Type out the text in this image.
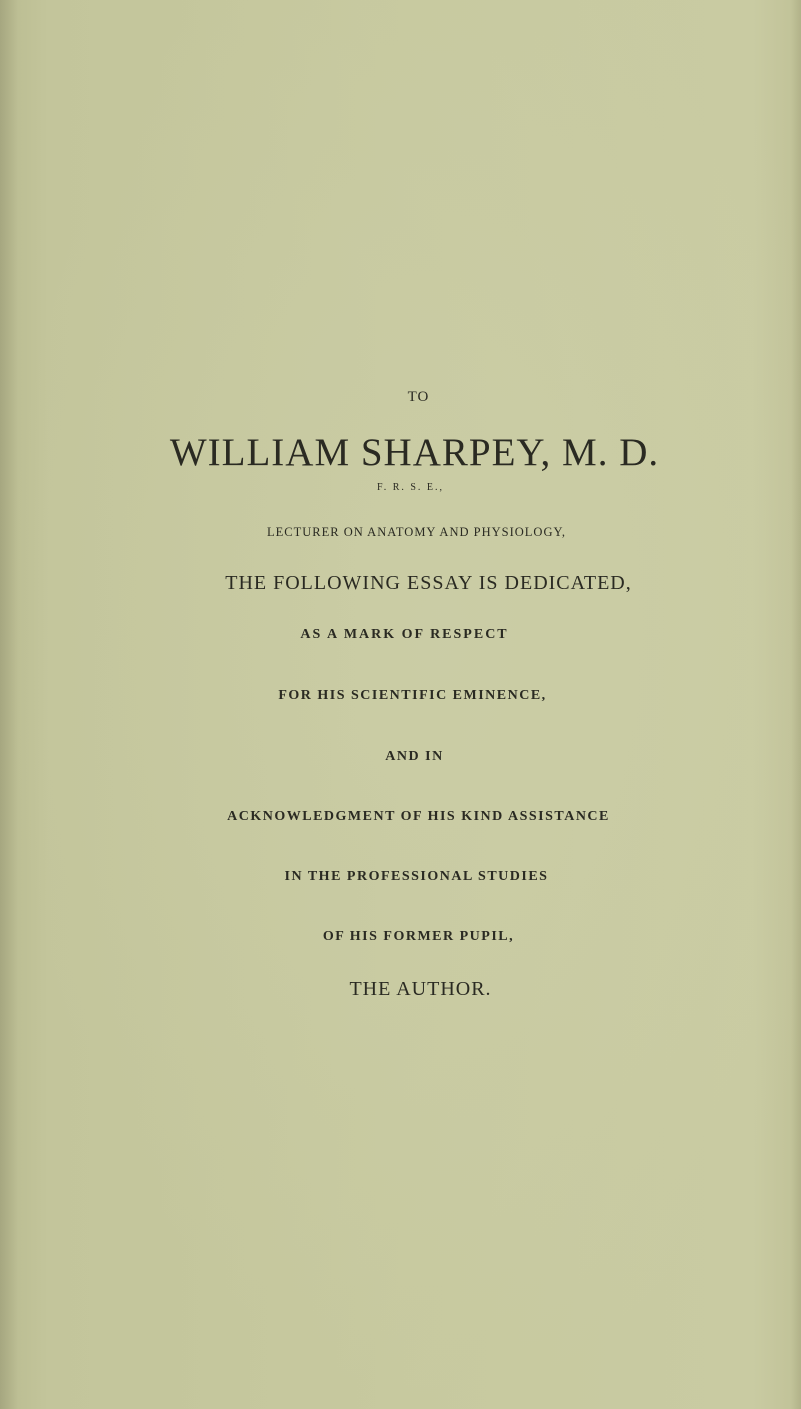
TO
WILLIAM SHARPEY, M. D.
F. R. S. E.,
LECTURER ON ANATOMY AND PHYSIOLOGY,
THE FOLLOWING ESSAY IS DEDICATED,
AS A MARK OF RESPECT
FOR HIS SCIENTIFIC EMINENCE,
AND IN
ACKNOWLEDGMENT OF HIS KIND ASSISTANCE
IN THE PROFESSIONAL STUDIES
OF HIS FORMER PUPIL,
THE AUTHOR.
